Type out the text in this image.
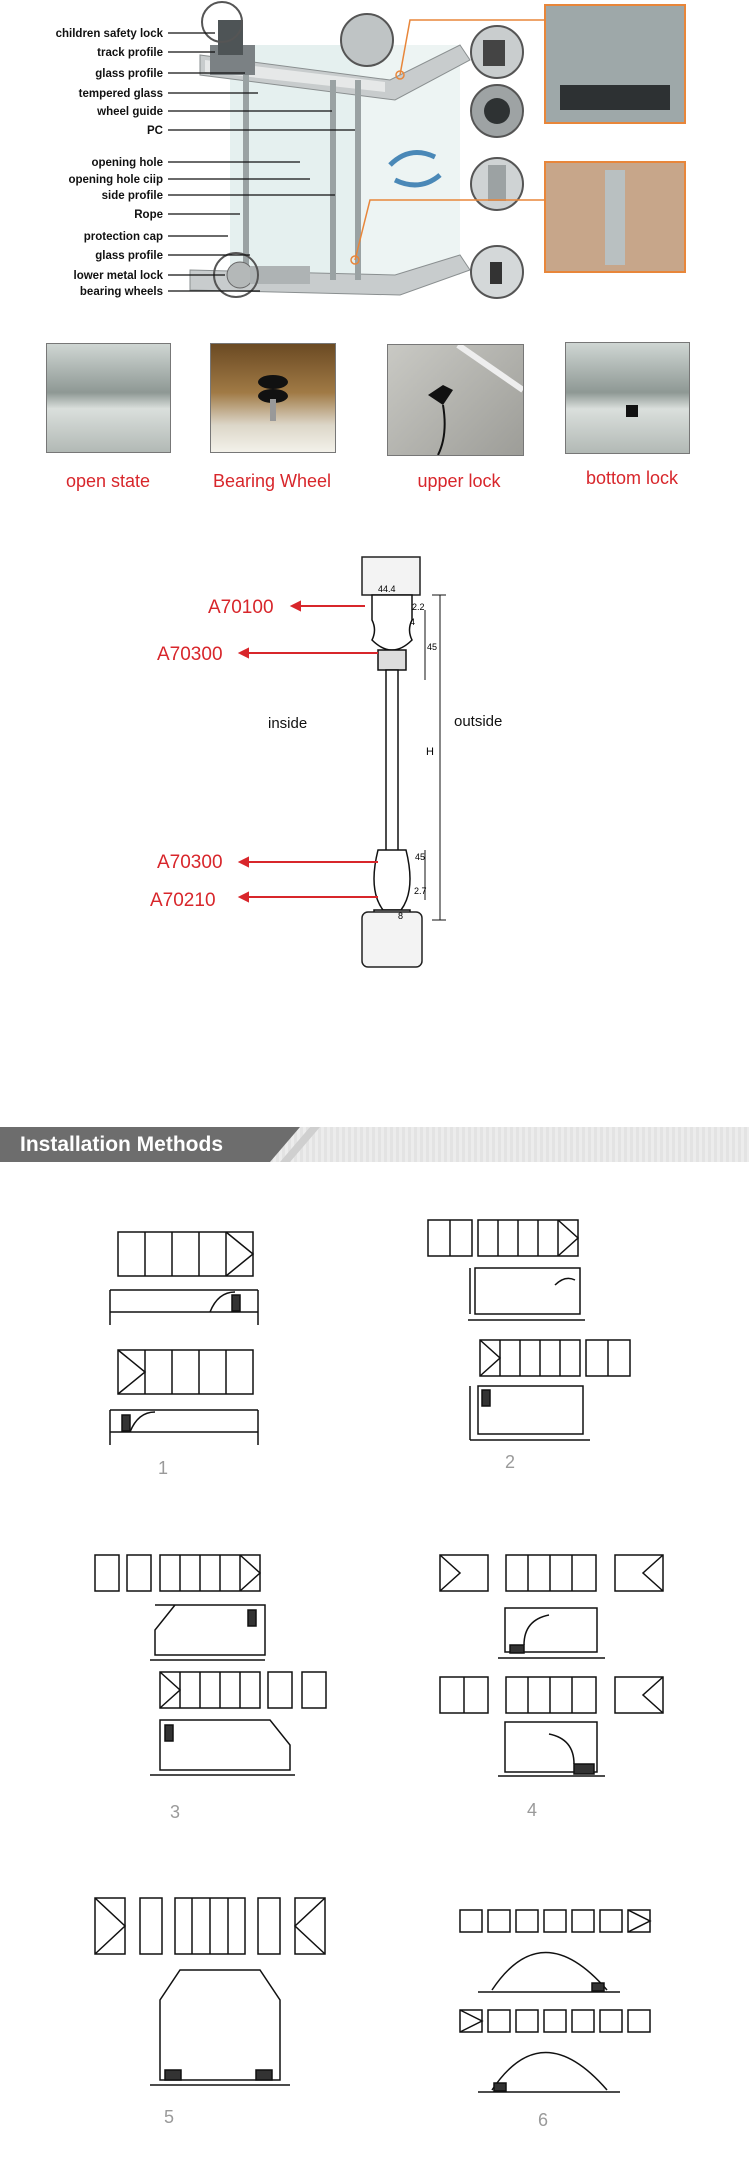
children safety lock
track profile
glass profile
tempered glass
wheel guide
PC
opening hole
opening hole ciip
side profile
Rope
protection cap
glass profile
lower metal lock
bearing wheels
open state	Bearing Wheel	upper lock	bottom lock
A70100
A70300
A70300
A70210
inside	outside
44.4
2.2
4
45
H
45
2.7
8
Installation Methods
1	2
3	4
5	6
